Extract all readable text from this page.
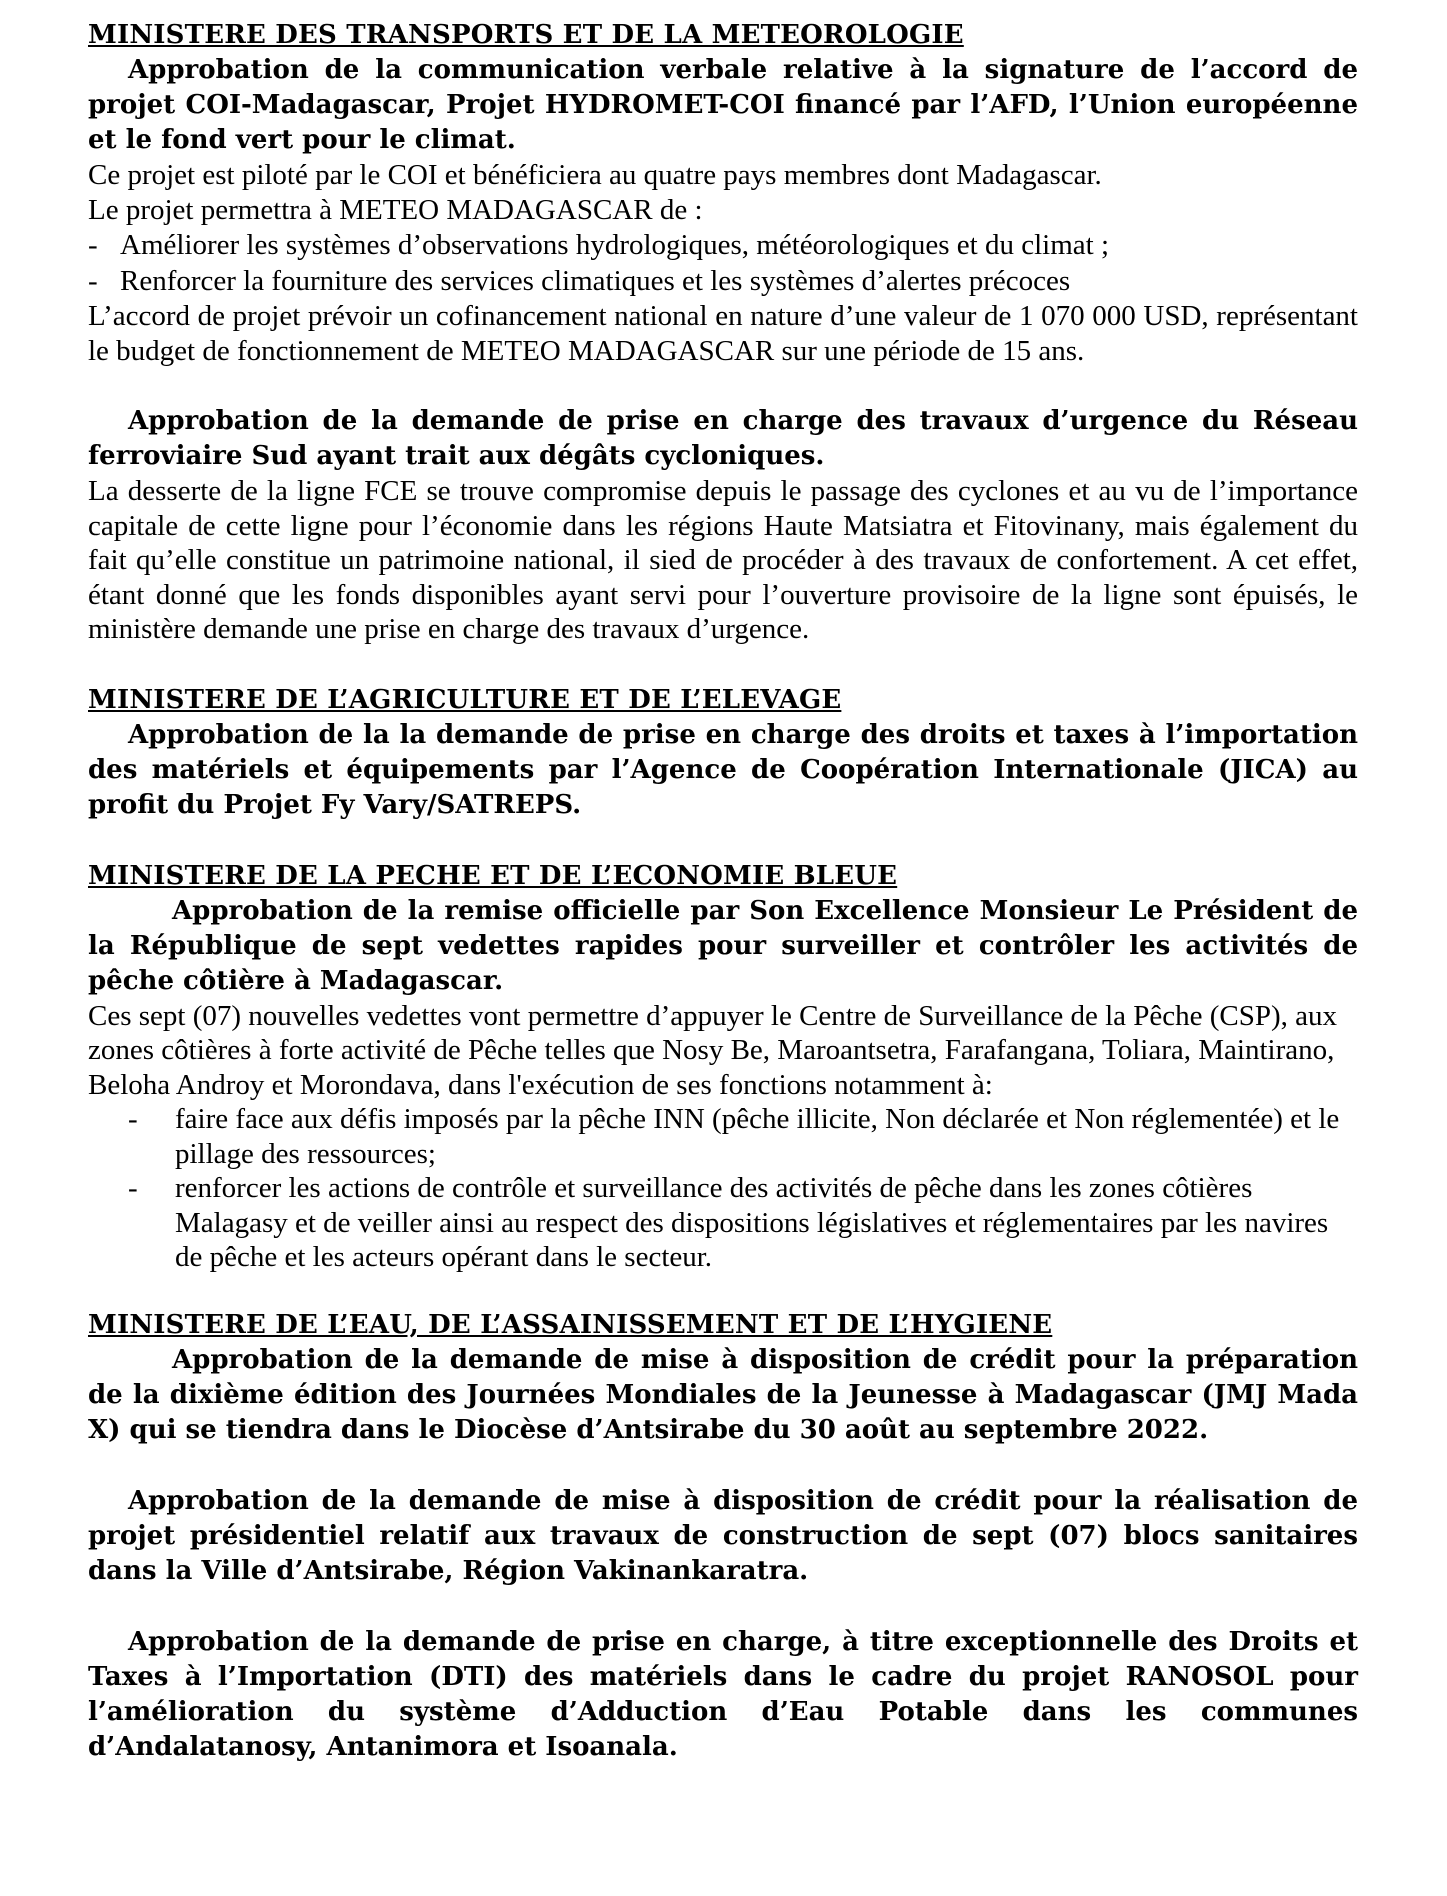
MINISTERE DES TRANSPORTS ET DE LA METEOROLOGIE

Approbation de la communication verbale relative à la signature de l’accord de projet COI-Madagascar, Projet HYDROMET-COI financé par l’AFD, l’Union européenne et le fond vert pour le climat.

Ce projet est piloté par le COI et bénéficiera au quatre pays membres dont Madagascar.

Le projet permettra à METEO MADAGASCAR de :

- Améliorer les systèmes d’observations hydrologiques, météorologiques et du climat ;

- Renforcer la fourniture des services climatiques et les systèmes d’alertes précoces

L’accord de projet prévoir un cofinancement national en nature d’une valeur de 1 070 000 USD, représentant le budget de fonctionnement de METEO MADAGASCAR sur une période de 15 ans.

Approbation de la demande de prise en charge des travaux d’urgence du Réseau ferroviaire Sud ayant trait aux dégâts cycloniques.

La desserte de la ligne FCE se trouve compromise depuis le passage des cyclones et au vu de l’importance capitale de cette ligne pour l’économie dans les régions Haute Matsiatra et Fitovinany, mais également du fait qu’elle constitue un patrimoine national, il sied de procéder à des travaux de confortement. A cet effet, étant donné que les fonds disponibles ayant servi pour l’ouverture provisoire de la ligne sont épuisés, le ministère demande une prise en charge des travaux d’urgence.

MINISTERE DE L’AGRICULTURE ET DE L’ELEVAGE

Approbation de la la demande de prise en charge des droits et taxes à l’importation des matériels et équipements par l’Agence de Coopération Internationale (JICA) au profit du Projet Fy Vary/SATREPS.

MINISTERE DE LA PECHE ET DE L’ECONOMIE BLEUE

Approbation de la remise officielle par Son Excellence Monsieur Le Président de la République de sept vedettes rapides pour surveiller et contrôler les activités de pêche côtière à Madagascar.

Ces sept (07) nouvelles vedettes vont permettre d’appuyer le Centre de Surveillance de la Pêche (CSP), aux zones côtières à forte activité de Pêche telles que Nosy Be, Maroantsetra, Farafangana, Toliara, Maintirano, Beloha Androy et Morondava, dans l'exécution de ses fonctions notamment à:

- faire face aux défis imposés par la pêche INN (pêche illicite, Non déclarée et Non réglementée) et le pillage des ressources;
- renforcer les actions de contrôle et surveillance des activités de pêche dans les zones côtières Malagasy et de veiller ainsi au respect des dispositions législatives et réglementaires par les navires de pêche et les acteurs opérant dans le secteur.
MINISTERE DE L’EAU, DE L’ASSAINISSEMENT ET DE L’HYGIENE

Approbation de la demande de mise à disposition de crédit pour la préparation de la dixième édition des Journées Mondiales de la Jeunesse à Madagascar (JMJ Mada X) qui se tiendra dans le Diocèse d’Antsirabe du 30 août au septembre 2022.

Approbation de la demande de mise à disposition de crédit pour la réalisation de projet présidentiel relatif aux travaux de construction de sept (07) blocs sanitaires dans la Ville d’Antsirabe, Région Vakinankaratra.

Approbation de la demande de prise en charge, à titre exceptionnelle des Droits et Taxes à l’Importation (DTI) des matériels dans le cadre du projet RANOSOL pour l’amélioration du système d’Adduction d’Eau Potable dans les communes d’Andalatanosy, Antanimora et Isoanala.
